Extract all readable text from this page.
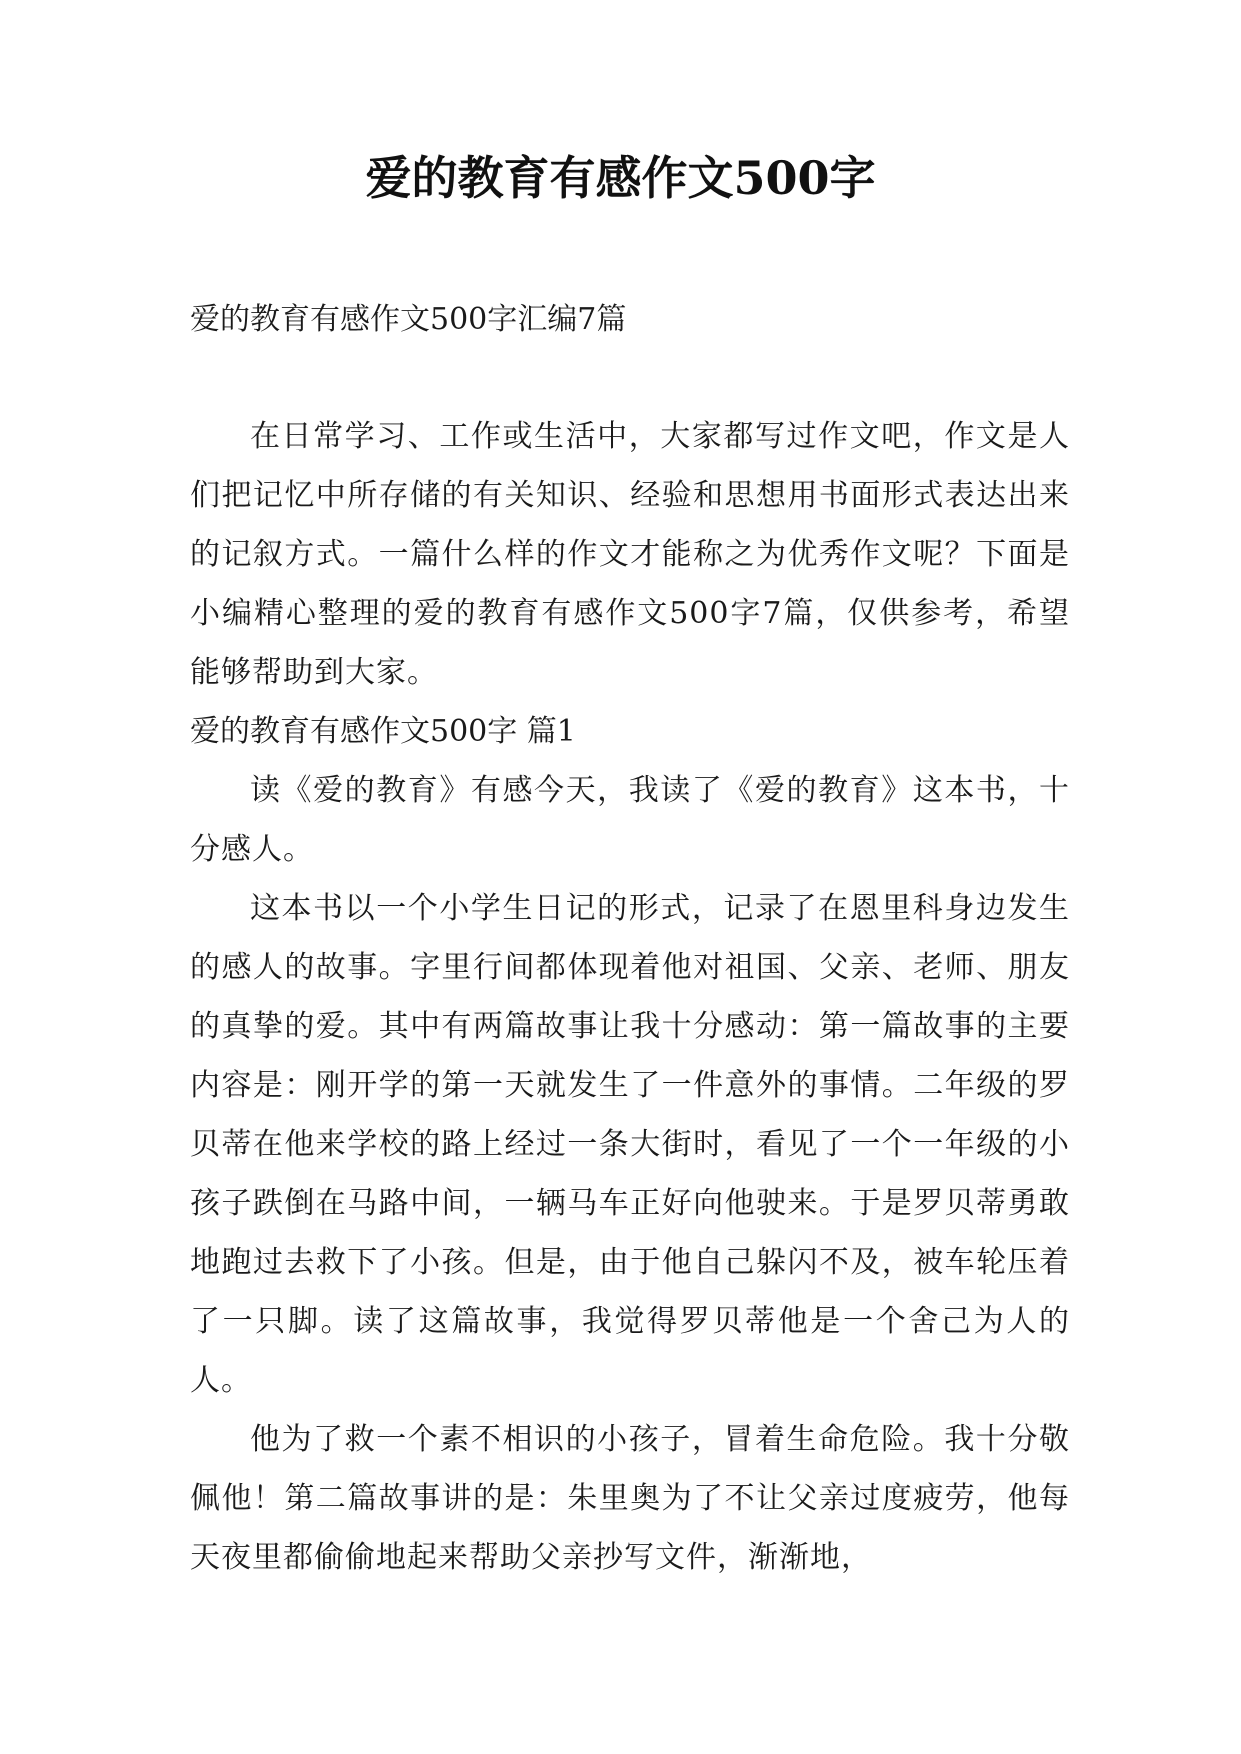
爱的教育有感作文500字

爱的教育有感作文500字汇编7篇

在日常学习、工作或生活中，大家都写过作文吧，作文是人们把记忆中所存储的有关知识、经验和思想用书面形式表达出来的记叙方式。一篇什么样的作文才能称之为优秀作文呢？下面是小编精心整理的爱的教育有感作文500字7篇，仅供参考，希望能够帮助到大家。

爱的教育有感作文500字 篇1

读《爱的教育》有感今天，我读了《爱的教育》这本书，十分感人。

这本书以一个小学生日记的形式，记录了在恩里科身边发生的感人的故事。字里行间都体现着他对祖国、父亲、老师、朋友的真挚的爱。其中有两篇故事让我十分感动：第一篇故事的主要内容是：刚开学的第一天就发生了一件意外的事情。二年级的罗贝蒂在他来学校的路上经过一条大街时，看见了一个一年级的小孩子跌倒在马路中间，一辆马车正好向他驶来。于是罗贝蒂勇敢地跑过去救下了小孩。但是，由于他自己躲闪不及，被车轮压着了一只脚。读了这篇故事，我觉得罗贝蒂他是一个舍己为人的人。

他为了救一个素不相识的小孩子，冒着生命危险。我十分敬佩他！第二篇故事讲的是：朱里奥为了不让父亲过度疲劳，他每天夜里都偷偷地起来帮助父亲抄写文件，渐渐地，
